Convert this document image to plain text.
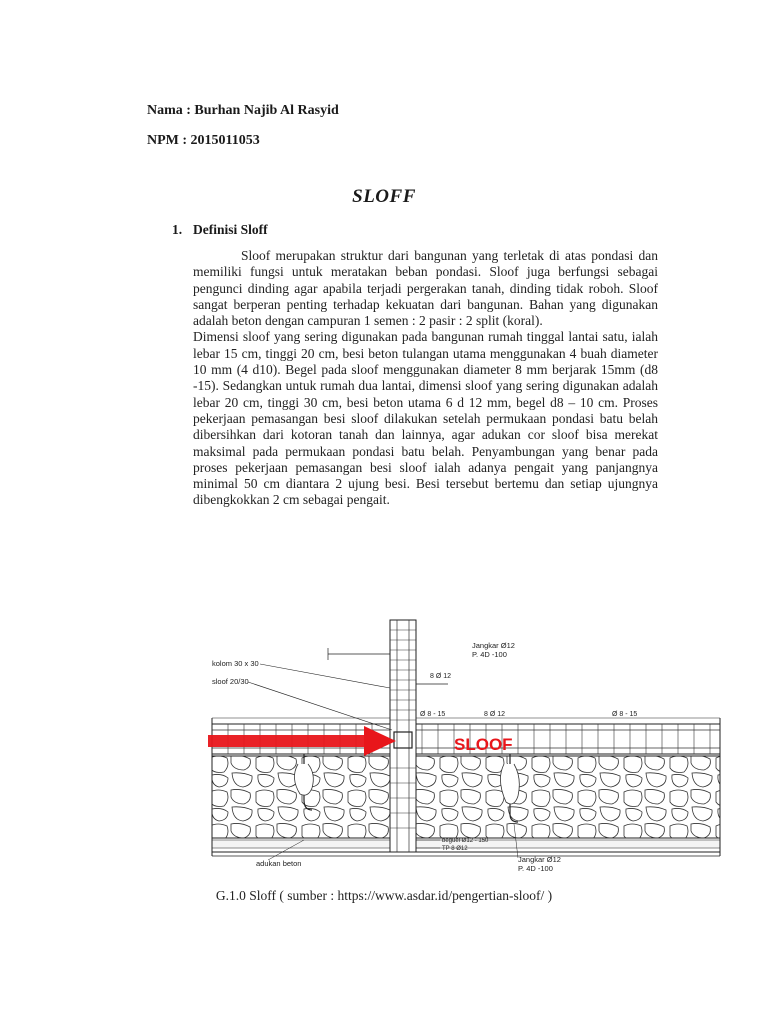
Nama : Burhan Najib Al Rasyid
NPM : 2015011053
SLOFF
1. Definisi Sloff

Sloof merupakan struktur dari bangunan yang terletak di atas pondasi dan memiliki fungsi untuk meratakan beban pondasi. Sloof juga berfungsi sebagai pengunci dinding agar apabila terjadi pergerakan tanah, dinding tidak roboh. Sloof sangat berperan penting terhadap kekuatan dari bangunan. Bahan yang digunakan adalah beton dengan campuran 1 semen : 2 pasir : 2 split (koral).

Dimensi sloof yang sering digunakan pada bangunan rumah tinggal lantai satu, ialah lebar 15 cm, tinggi 20 cm, besi beton tulangan utama menggunakan 4 buah diameter 10 mm (4 d10). Begel pada sloof menggunakan diameter 8 mm berjarak 15mm (d8 -15). Sedangkan untuk rumah dua lantai, dimensi sloof yang sering digunakan adalah lebar 20 cm, tinggi 30 cm, besi beton utama 6 d 12 mm, begel d8 – 10 cm. Proses pekerjaan pemasangan besi sloof dilakukan setelah permukaan pondasi batu belah dibersihkan dari kotoran tanah dan lainnya, agar adukan cor sloof bisa merekat maksimal pada permukaan pondasi batu belah. Penyambungan yang benar pada proses pekerjaan pemasangan besi sloof ialah adanya pengait yang panjangnya minimal 50 cm diantara 2 ujung besi. Besi tersebut bertemu dan setiap ujungnya dibengkokkan 2 cm sebagai pengait.

kolom 30 x 30
sloof 20/30
Jangkar Ø12
P. 4D -100
8 Ø 12
Ø 8 - 15	8 Ø 12	Ø 8 - 15
SLOOF
beguel Ø12 - 150
TP 8 Ø12
Jangkar Ø12
P. 4D -100
adukan beton
G.1.0 Sloff ( sumber : https://www.asdar.id/pengertian-sloof/ )
